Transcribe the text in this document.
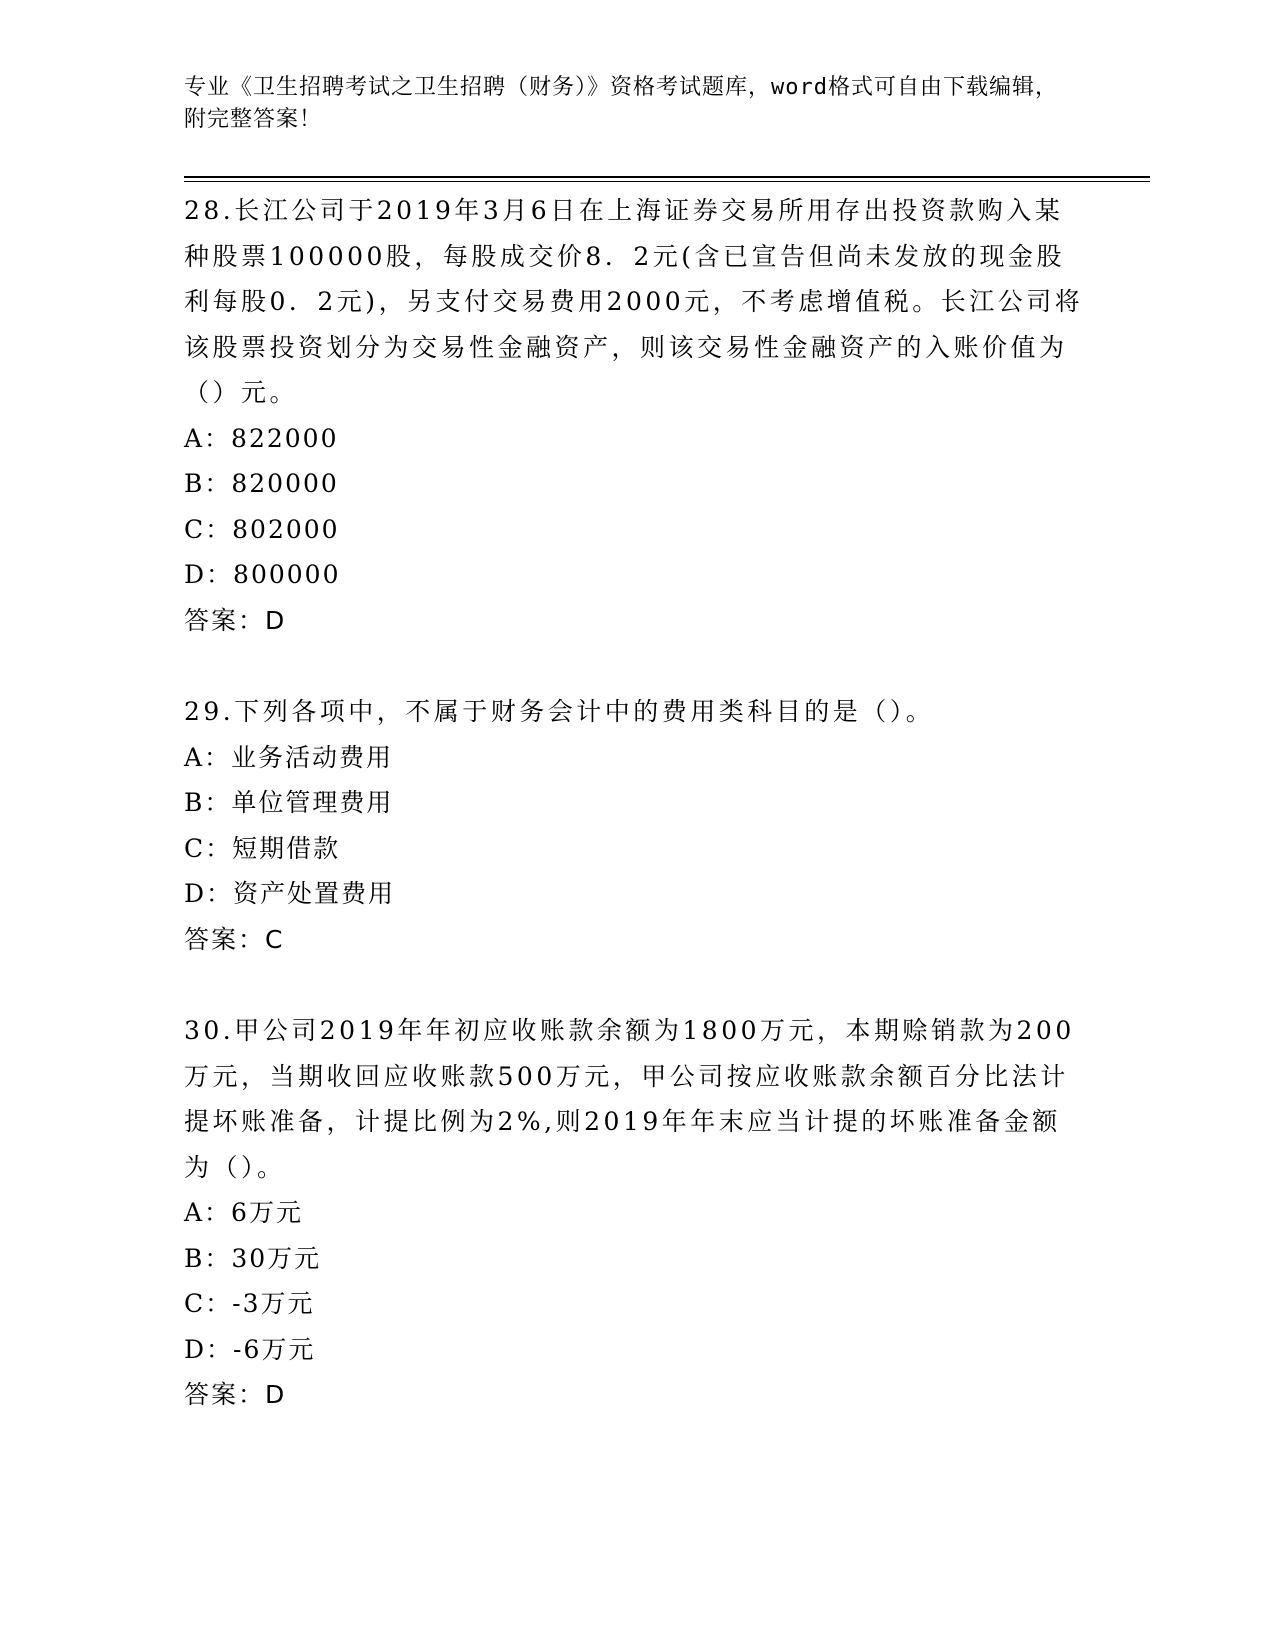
专业《卫生招聘考试之卫生招聘（财务）》资格考试题库，word格式可自由下载编辑，附完整答案！

28.长江公司于2019年3月6日在上海证券交易所用存出投资款购入某种股票100000股，每股成交价8．2元(含已宣告但尚未发放的现金股利每股0．2元)，另支付交易费用2000元，不考虑增值税。长江公司将该股票投资划分为交易性金融资产，则该交易性金融资产的入账价值为（）元。

A：822000

B：820000

C：802000

D：800000

答案：D

29.下列各项中，不属于财务会计中的费用类科目的是（）。

A：业务活动费用

B：单位管理费用

C：短期借款

D：资产处置费用

答案：C

30.甲公司2019年年初应收账款余额为1800万元，本期赊销款为200万元，当期收回应收账款500万元，甲公司按应收账款余额百分比法计提坏账准备，计提比例为2%,则2019年年末应当计提的坏账准备金额为（）。

A：6万元

B：30万元

C：-3万元

D：-6万元

答案：D
